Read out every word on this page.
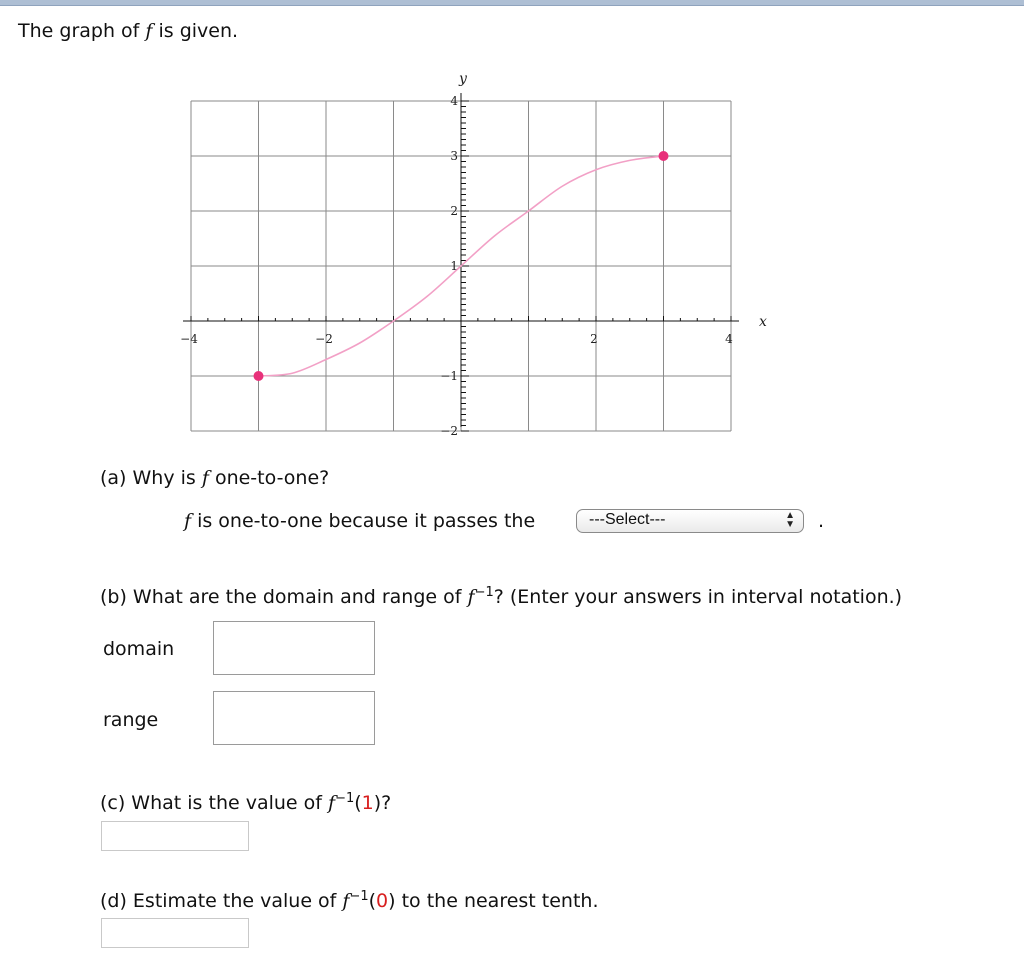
The graph of f is given.
−4	−2	2	4
4
3
2
1
−1
−2
x
y
(a) Why is f one-to-one?
f is one-to-one because it passes the	---Select---	▲
▼ .
(b) What are the domain and range of $f^{-1}$? (Enter your answers in interval notation.)
domain
range
(c) What is the value of $f^{-1}(1)$?
(d) Estimate the value of $f^{-1}(0)$ to the nearest tenth.
